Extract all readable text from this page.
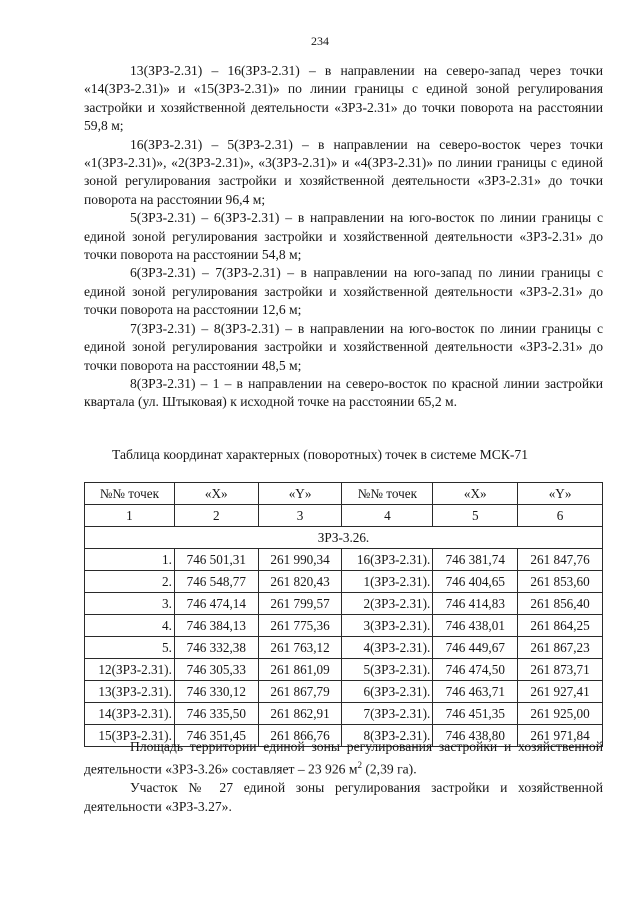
234

13(ЗРЗ-2.31) – 16(ЗРЗ-2.31) – в направлении на северо-запад через точки «14(ЗРЗ-2.31)» и «15(ЗРЗ-2.31)» по линии границы с единой зоной регулирования застройки и хозяйственной деятельности «ЗРЗ-2.31» до точки поворота на расстоянии 59,8 м;

16(ЗРЗ-2.31) – 5(ЗРЗ-2.31) – в направлении на северо-восток через точки «1(ЗРЗ-2.31)», «2(ЗРЗ-2.31)», «3(ЗРЗ-2.31)» и «4(ЗРЗ-2.31)» по линии границы с единой зоной регулирования застройки и хозяйственной деятельности «ЗРЗ-2.31» до точки поворота на расстоянии 96,4 м;

5(ЗРЗ-2.31) – 6(ЗРЗ-2.31) – в направлении на юго-восток по линии границы с единой зоной регулирования застройки и хозяйственной деятельности «ЗРЗ-2.31» до точки поворота на расстоянии 54,8 м;

6(ЗРЗ-2.31) – 7(ЗРЗ-2.31) – в направлении на юго-запад по линии границы с единой зоной регулирования застройки и хозяйственной деятельности «ЗРЗ-2.31» до точки поворота на расстоянии 12,6 м;

7(ЗРЗ-2.31) – 8(ЗРЗ-2.31) – в направлении на юго-восток по линии границы с единой зоной регулирования застройки и хозяйственной деятельности «ЗРЗ-2.31» до точки поворота на расстоянии 48,5 м;

8(ЗРЗ-2.31) – 1 – в направлении на северо-восток по красной линии застройки квартала (ул. Штыковая) к исходной точке на расстоянии 65,2 м.

Таблица координат характерных (поворотных) точек в системе МСК-71
№№ точек	«X»	«Y»	№№ точек	«X»	«Y»
1	2	3	4	5	6
ЗРЗ-3.26.					
1.	746 501,31	261 990,34	16(ЗРЗ-2.31).	746 381,74	261 847,76
2.	746 548,77	261 820,43	1(ЗРЗ-2.31).	746 404,65	261 853,60
3.	746 474,14	261 799,57	2(ЗРЗ-2.31).	746 414,83	261 856,40
4.	746 384,13	261 775,36	3(ЗРЗ-2.31).	746 438,01	261 864,25
5.	746 332,38	261 763,12	4(ЗРЗ-2.31).	746 449,67	261 867,23
12(ЗРЗ-2.31).	746 305,33	261 861,09	5(ЗРЗ-2.31).	746 474,50	261 873,71
13(ЗРЗ-2.31).	746 330,12	261 867,79	6(ЗРЗ-2.31).	746 463,71	261 927,41
14(ЗРЗ-2.31).	746 335,50	261 862,91	7(ЗРЗ-2.31).	746 451,35	261 925,00
15(ЗРЗ-2.31).	746 351,45	261 866,76	8(ЗРЗ-2.31).	746 438,80	261 971,84

Площадь территории единой зоны регулирования застройки и хозяйственной деятельности «ЗРЗ-3.26» составляет – 23 926 $м^2$ (2,39 га).

Участок № 27 единой зоны регулирования застройки и хозяйственной деятельности «ЗРЗ-3.27».
